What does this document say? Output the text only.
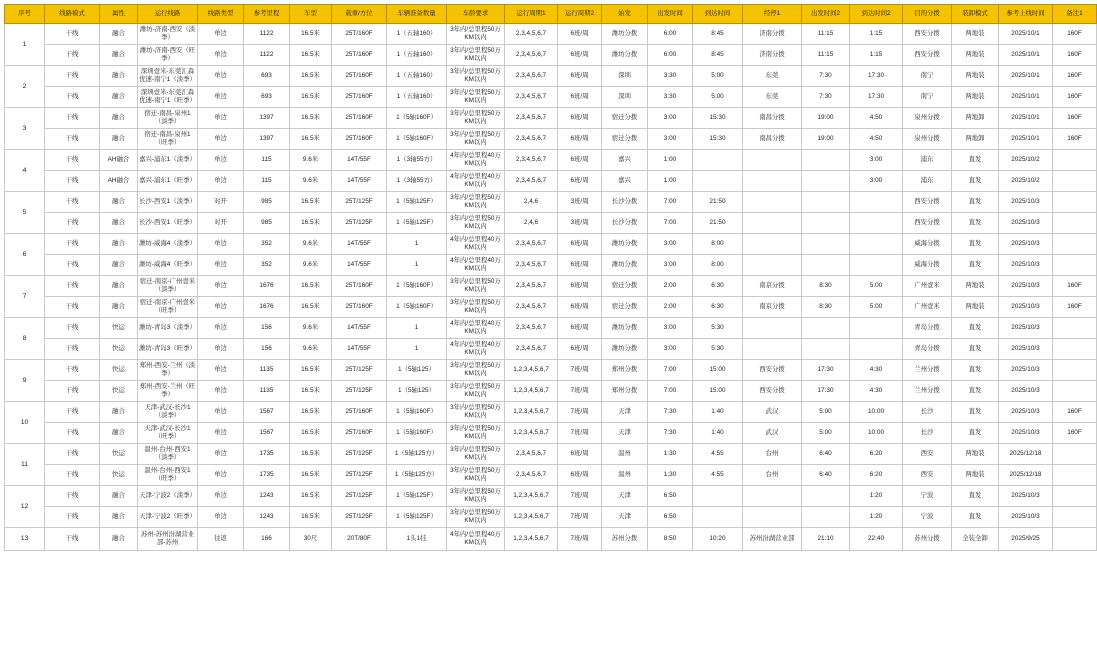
序号	线路模式	属性	运行线路	线路类型	参考里程	车型	载重/方位	车辆准备数量	车龄要求	运行周期1	运行周期2	始发	出发时间	到达时间	经停1	出发时间2	到达时间2	目的分拨	装卸模式	参考上线时间	备注1
1	干线	融合	潍坊-济南-西安（淡季）	单边	1122	16.5米	25T/160F	1（五轴160）	3年内/总里程50万KM以内	2,3,4,5,6,7	6班/周	潍坊分拨	6:00	8:45	济南分拨	11:15	1:15	西安分拨	两地装	2025/10/1	160F
	干线	融合	潍坊-济南-西安（旺季）	单边	1122	16.5米	25T/160F	1（五轴160）	3年内/总里程50万KM以内	2,3,4,5,6,7	6班/周	潍坊分拨	6:00	8:45	济南分拨	11:15	1:15	西安分拨	两地装	2025/10/1	160F
2	干线	融合	深圳壹米-东莞汇森优速-南宁1（淡季）	单边	693	16.5米	25T/160F	1（五轴160）	3年内/总里程50万KM以内	2,3,4,5,6,7	6班/周	深圳	3:30	5:00	东莞	7:30	17:30	南宁	两地装	2025/10/1	160F
	干线	融合	深圳壹米-东莞汇森优速-南宁1（旺季）	单边	693	16.5米	25T/160F	1（五轴160）	3年内/总里程50万KM以内	2,3,4,5,6,7	6班/周	深圳	3:30	5:00	东莞	7:30	17:30	南宁	两地装	2025/10/1	160F
3	干线	融合	宿迁-南昌-泉州1（淡季）	单边	1397	16.5米	25T/160F	1（5轴160F）	3年内/总里程50万KM以内	2,3,4,5,6,7	6班/周	宿迁分拨	3:00	15:30	南昌分拨	19:00	4:50	泉州分拨	两地卸	2025/10/1	160F
	干线	融合	宿迁-南昌-泉州1（旺季）	单边	1397	16.5米	25T/160F	1（5轴160F）	3年内/总里程50万KM以内	2,3,4,5,6,7	6班/周	宿迁分拨	3:00	15:30	南昌分拨	19:00	4:50	泉州分拨	两地卸	2025/10/1	160F
4	干线	AH融合	嘉兴-浦东1（淡季）	单边	115	9.6米	14T/55F	1（3轴55方）	4年内/总里程40万KM以内	2,3,4,5,6,7	6班/周	嘉兴	1:00				3:00	浦东	直发	2025/10/2	
	干线	AH融合	嘉兴-浦东1（旺季）	单边	115	9.6米	14T/55F	1（3轴55方）	4年内/总里程40万KM以内	2,3,4,5,6,7	6班/周	嘉兴	1:00				3:00	浦东	直发	2025/10/2	
5	干线	融合	长沙-西安1（淡季）	对开	985	16.5米	25T/125F	1（5轴125F）	3年内/总里程50万KM以内	2,4,6	3班/周	长沙分拨	7:00	21:50				西安分拨	直发	2025/10/3	
	干线	融合	长沙-西安1（旺季）	对开	985	16.5米	25T/125F	1（5轴125F）	3年内/总里程50万KM以内	2,4,6	3班/周	长沙分拨	7:00	21:50				西安分拨	直发	2025/10/3	
6	干线	融合	潍坊-威海4（淡季）	单边	352	9.6米	14T/55F	1	4年内/总里程40万KM以内	2,3,4,5,6,7	6班/周	潍坊分拨	3:00	8:00				威海分拨	直发	2025/10/3	
	干线	融合	潍坊-威海4（旺季）	单边	352	9.6米	14T/55F	1	4年内/总里程40万KM以内	2,3,4,5,6,7	6班/周	潍坊分拨	3:00	8:00				威海分拨	直发	2025/10/3	
7	干线	融合	宿迁-南京-广州壹米（淡季）	单边	1676	16.5米	25T/160F	1（5轴160F）	3年内/总里程50万KM以内	2,3,4,5,6,7	6班/周	宿迁分拨	2:00	6:30	南京分拨	8:30	5:00	广州壹米	两地装	2025/10/3	160F
	干线	融合	宿迁-南京-广州壹米（旺季）	单边	1676	16.5米	25T/160F	1（5轴160F）	3年内/总里程50万KM以内	2,3,4,5,6,7	6班/周	宿迁分拨	2:00	6:30	南京分拨	8:30	5:00	广州壹米	两地装	2025/10/3	160F
8	干线	快运	潍坊-青岛3（淡季）	单边	156	9.6米	14T/55F	1	4年内/总里程40万KM以内	2,3,4,5,6,7	6班/周	潍坊分拨	3:00	5:30				青岛分拨	直发	2025/10/3	
	干线	快运	潍坊-青岛3（旺季）	单边	156	9.6米	14T/55F	1	4年内/总里程40万KM以内	2,3,4,5,6,7	6班/周	潍坊分拨	3:00	5:30				青岛分拨	直发	2025/10/3	
9	干线	快运	郑州-西安-兰州（淡季）	单边	1135	16.5米	25T/125F	1（5轴125）	3年内/总里程50万KM以内	1,2,3,4,5,6,7	7班/周	郑州分拨	7:00	15:00	西安分拨	17:30	4:30	兰州分拨	直发	2025/10/3	
	干线	快运	郑州-西安-兰州（旺季）	单边	1135	16.5米	25T/125F	1（5轴125）	3年内/总里程50万KM以内	1,2,3,4,5,6,7	7班/周	郑州分拨	7:00	15:00	西安分拨	17:30	4:30	兰州分拨	直发	2025/10/3	
10	干线	融合	天津-武汉-长沙1（淡季）	单边	1567	16.5米	25T/160F	1（5轴160F）	3年内/总里程50万KM以内	1,2,3,4,5,6,7	7班/周	天津	7:30	1:40	武汉	5:00	10:00	长沙	直发	2025/10/3	160F
	干线	融合	天津-武汉-长沙1（旺季）	单边	1567	16.5米	25T/160F	1（5轴160F）	3年内/总里程50万KM以内	1,2,3,4,5,6,7	7班/周	天津	7:30	1:40	武汉	5:00	10:00	长沙	直发	2025/10/3	160F
11	干线	快运	温州-台州-西安1（淡季）	单边	1735	16.5米	25T/125F	1（5轴125方）	3年内/总里程50万KM以内	2,3,4,5,6,7	6班/周	温州	1:30	4:55	台州	6:40	6:20	西安	两地装	2025/12/18	
	干线	快运	温州-台州-西安1（旺季）	单边	1735	16.5米	25T/125F	1（5轴125方）	3年内/总里程50万KM以内	2,3,4,5,6,7	6班/周	温州	1:30	4:55	台州	6:40	6:20	西安	两地装	2025/12/18	
12	干线	融合	天津-宁波2（淡季）	单边	1243	16.5米	25T/125F	1（5轴125F）	3年内/总里程50万KM以内	1,2,3,4,5,6,7	7班/周	天津	6:50				1:20	宁波	直发	2025/10/3	
	干线	融合	天津-宁波2（旺季）	单边	1243	16.5米	25T/125F	1（5轴125F）	3年内/总里程50万KM以内	1,2,3,4,5,6,7	7班/周	天津	6:50				1:20	宁波	直发	2025/10/3	
13	干线	融合	苏州-苏州汾湖营业部-苏州	往返	166	30尺	20T/80F	1头1挂	4年内/总里程40万KM以内	1,2,3,4,5,6,7	7班/周	苏州分拨	8:50	10:20	苏州汾湖营业部	21:10	22:40	苏州分拨	全装全卸	2025/9/25	
